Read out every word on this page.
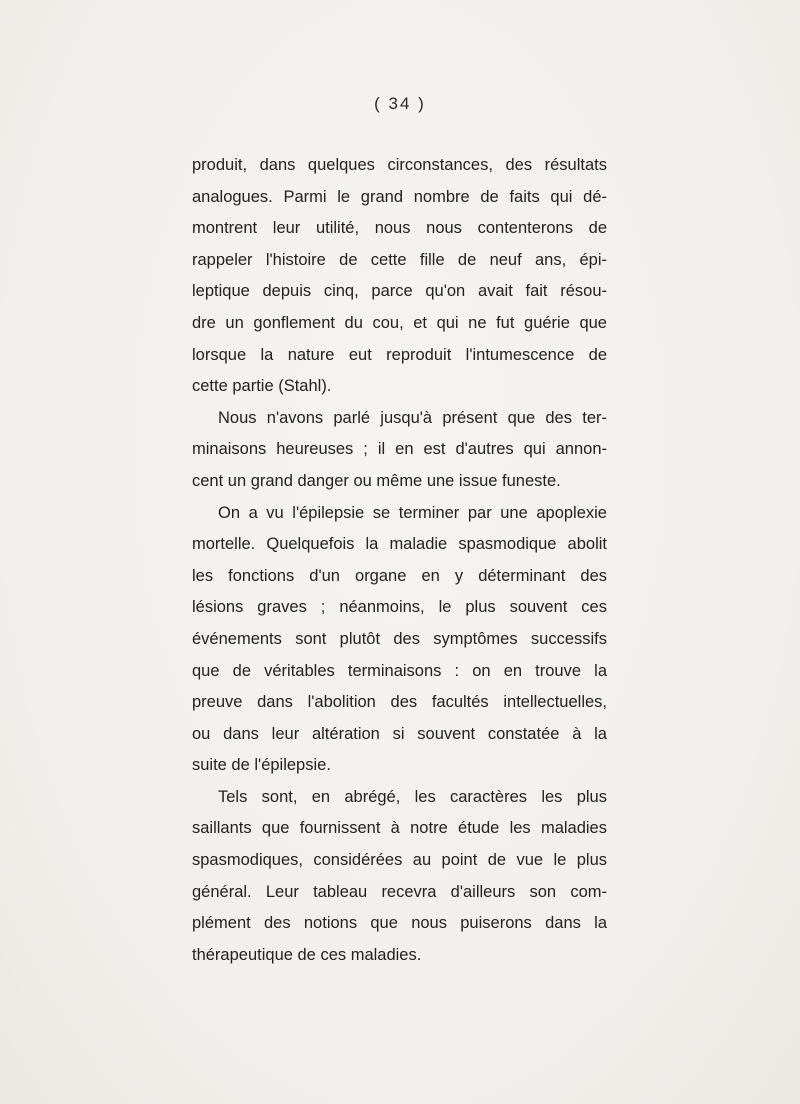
( 34 )
produit, dans quelques circonstances, des résultats
analogues. Parmi le grand nombre de faits qui dé-
montrent leur utilité, nous nous contenterons de
rappeler l'histoire de cette fille de neuf ans, épi-
leptique depuis cinq, parce qu'on avait fait résou-
dre un gonflement du cou, et qui ne fut guérie que
lorsque la nature eut reproduit l'intumescence de
cette partie (Stahl).
Nous n'avons parlé jusqu'à présent que des ter-
minaisons heureuses ; il en est d'autres qui annon-
cent un grand danger ou même une issue funeste.
On a vu l'épilepsie se terminer par une apoplexie
mortelle. Quelquefois la maladie spasmodique abolit
les fonctions d'un organe en y déterminant des
lésions graves ; néanmoins, le plus souvent ces
événements sont plutôt des symptômes successifs
que de véritables terminaisons : on en trouve la
preuve dans l'abolition des facultés intellectuelles,
ou dans leur altération si souvent constatée à la
suite de l'épilepsie.
Tels sont, en abrégé, les caractères les plus
saillants que fournissent à notre étude les maladies
spasmodiques, considérées au point de vue le plus
général. Leur tableau recevra d'ailleurs son com-
plément des notions que nous puiserons dans la
thérapeutique de ces maladies.
